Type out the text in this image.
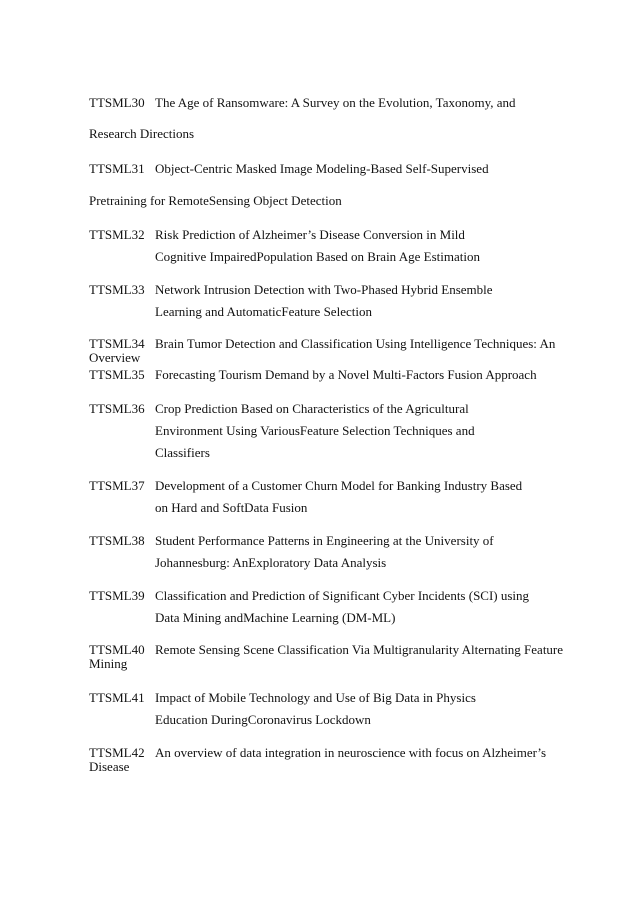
TTSML30 The Age of Ransomware: A Survey on the Evolution, Taxonomy, and
Research Directions
TTSML31 Object-Centric Masked Image Modeling-Based Self-Supervised
Pretraining for RemoteSensing Object Detection
TTSML32 Risk Prediction of Alzheimer’s Disease Conversion in Mild
Cognitive ImpairedPopulation Based on Brain Age Estimation
TTSML33 Network Intrusion Detection with Two-Phased Hybrid Ensemble
Learning and AutomaticFeature Selection
TTSML34 Brain Tumor Detection and Classification Using Intelligence Techniques: An
Overview
TTSML35 Forecasting Tourism Demand by a Novel Multi-Factors Fusion Approach
TTSML36 Crop Prediction Based on Characteristics of the Agricultural
Environment Using VariousFeature Selection Techniques and
Classifiers
TTSML37 Development of a Customer Churn Model for Banking Industry Based
on Hard and SoftData Fusion
TTSML38 Student Performance Patterns in Engineering at the University of
Johannesburg: AnExploratory Data Analysis
TTSML39 Classification and Prediction of Significant Cyber Incidents (SCI) using
Data Mining andMachine Learning (DM-ML)
TTSML40 Remote Sensing Scene Classification Via Multigranularity Alternating Feature
Mining
TTSML41 Impact of Mobile Technology and Use of Big Data in Physics
Education DuringCoronavirus Lockdown
TTSML42 An overview of data integration in neuroscience with focus on Alzheimer’s
Disease
